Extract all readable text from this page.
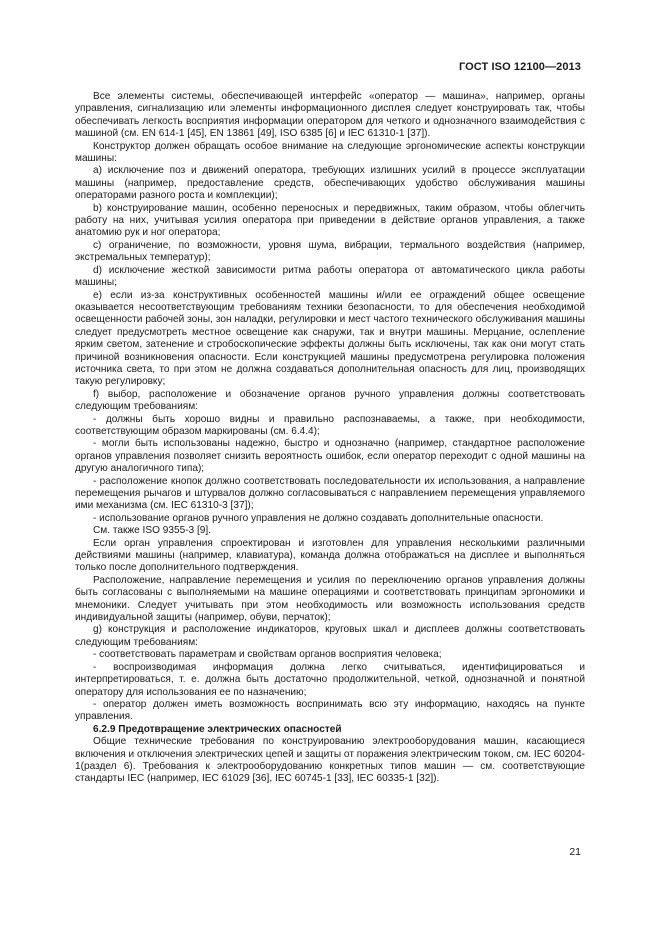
ГОСТ ISO 12100—2013

Все элементы системы, обеспечивающей интерфейс «оператор — машина», например, органы управления, сигнализацию или элементы информационного дисплея следует конструировать так, чтобы обеспечивать легкость восприятия информации оператором для четкого и однозначного взаимодействия с машиной (см. EN 614-1 [45], EN 13861 [49], ISO 6385 [6] и IEC 61310-1 [37]).

Конструктор должен обращать особое внимание на следующие эргономические аспекты конструкции машины:

a) исключение поз и движений оператора, требующих излишних усилий в процессе эксплуатации машины (например, предоставление средств, обеспечивающих удобство обслуживания машины операторами разного роста и комплекции);

b) конструирование машин, особенно переносных и передвижных, таким образом, чтобы облегчить работу на них, учитывая усилия оператора при приведении в действие органов управления, а также анатомию рук и ног оператора;

c) ограничение, по возможности, уровня шума, вибрации, термального воздействия (например, экстремальных температур);

d) исключение жесткой зависимости ритма работы оператора от автоматического цикла работы машины;

e) если из-за конструктивных особенностей машины и/или ее ограждений общее освещение оказывается несоответствующим требованиям техники безопасности, то для обеспечения необходимой освещенности рабочей зоны, зон наладки, регулировки и мест частого технического обслуживания машины следует предусмотреть местное освещение как снаружи, так и внутри машины. Мерцание, ослепление ярким светом, затенение и стробоскопические эффекты должны быть исключены, так как они могут стать причиной возникновения опасности. Если конструкцией машины предусмотрена регулировка положения источника света, то при этом не должна создаваться дополнительная опасность для лиц, производящих такую регулировку;

f) выбор, расположение и обозначение органов ручного управления должны соответствовать следующим требованиям:

- должны быть хорошо видны и правильно распознаваемы, а также, при необходимости, соответствующим образом маркированы (см. 6.4.4);

- могли быть использованы надежно, быстро и однозначно (например, стандартное расположение органов управления позволяет снизить вероятность ошибок, если оператор переходит с одной машины на другую аналогичного типа);

- расположение кнопок должно соответствовать последовательности их использования, а направление перемещения рычагов и штурвалов должно согласовываться с направлением перемещения управляемого ими механизма (см. IEC 61310-3 [37]);

- использование органов ручного управления не должно создавать дополнительные опасности.

См. также ISO 9355-3 [9].

Если орган управления спроектирован и изготовлен для управления несколькими различными действиями машины (например, клавиатура), команда должна отображаться на дисплее и выполняться только после дополнительного подтверждения.

Расположение, направление перемещения и усилия по переключению органов управления должны быть согласованы с выполняемыми на машине операциями и соответствовать принципам эргономики и мнемоники. Следует учитывать при этом необходимость или возможность использования средств индивидуальной защиты (например, обуви, перчаток);

g) конструкция и расположение индикаторов, круговых шкал и дисплеев должны соответствовать следующим требованиям:

- соответствовать параметрам и свойствам органов восприятия человека;

- воспроизводимая информация должна легко считываться, идентифицироваться и интерпретироваться, т. е. должна быть достаточно продолжительной, четкой, однозначной и понятной оператору для использования ее по назначению;

- оператор должен иметь возможность воспринимать всю эту информацию, находясь на пункте управления.

6.2.9 Предотвращение электрических опасностей

Общие технические требования по конструированию электрооборудования машин, касающиеся включения и отключения электрических цепей и защиты от поражения электрическим током, см. IEC 60204-1(раздел 6). Требования к электрооборудованию конкретных типов машин — см. соответствующие стандарты IEC (например, IEC 61029 [36], IEC 60745-1 [33], IEC 60335-1 [32]).

21
